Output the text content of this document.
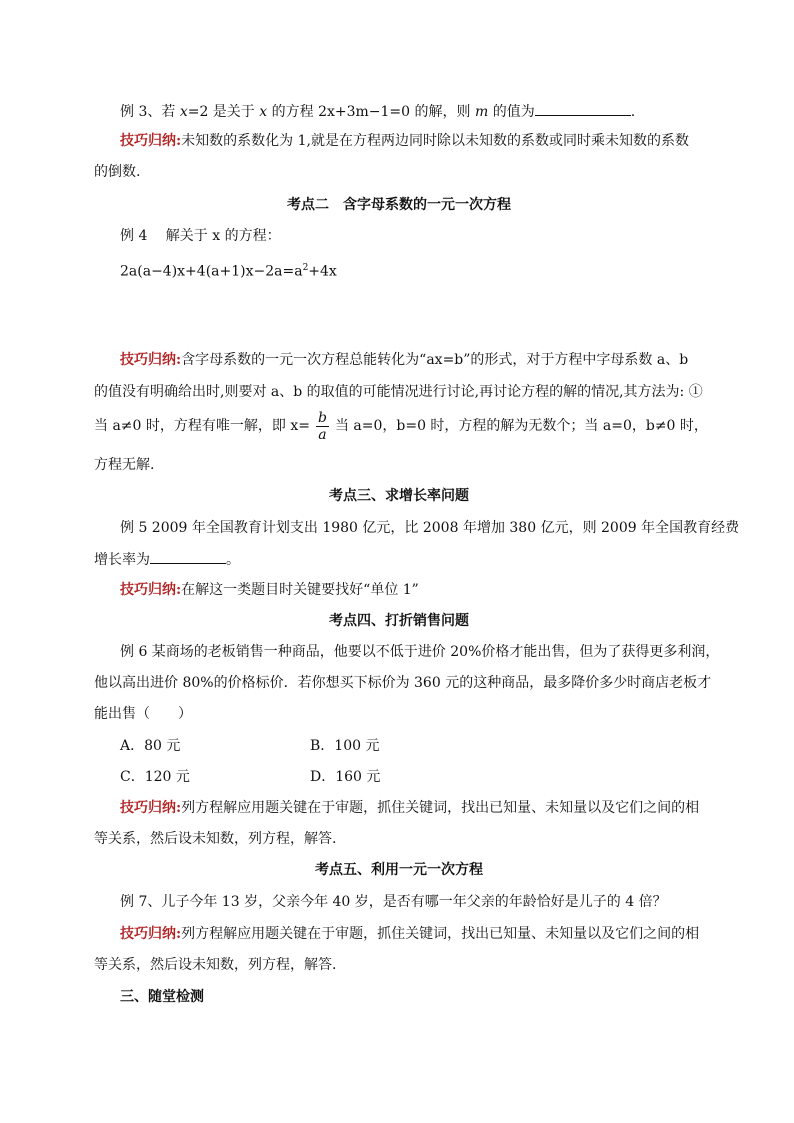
例 3、若 x=2 是关于 x 的方程 2x+3m−1=0 的解，则 m 的值为	.
技巧归纳:未知数的系数化为 1,就是在方程两边同时除以未知数的系数或同时乘未知数的系数
的倒数.
考点二　含字母系数的一元一次方程
例 4　 解关于 x 的方程：
$2a(a-4)x+4(a+1)x-2a=a^2+4x$
技巧归纳:含字母系数的一元一次方程总能转化为“ax=b”的形式，对于方程中字母系数 a、b
的值没有明确给出时,则要对 a、b 的取值的可能情况进行讨论,再讨论方程的解的情况,其方法为: ①
当 a≠0 时，方程有唯一解，即 $x= \frac{b}{a}$ 当 a=0，b=0 时，方程的解为无数个；当 a=0，b≠0 时，
方程无解.
考点三、求增长率问题
例 5 2009 年全国教育计划支出 1980 亿元，比 2008 年增加 380 亿元，则 2009 年全国教育经费
增长率为	。
技巧归纳:在解这一类题目时关键要找好“单位 1”
考点四、打折销售问题
例 6 某商场的老板销售一种商品，他要以不低于进价 20%价格才能出售，但为了获得更多利润，
他以高出进价 80%的价格标价．若你想买下标价为 360 元的这种商品，最多降价多少时商店老板才
能出售（　　）
A．80 元	B．100 元
C．120 元	D．160 元
技巧归纳:列方程解应用题关键在于审题，抓住关键词，找出已知量、未知量以及它们之间的相
等关系，然后设未知数，列方程，解答.
考点五、利用一元一次方程
例 7、儿子今年 13 岁，父亲今年 40 岁，是否有哪一年父亲的年龄恰好是儿子的 4 倍？
技巧归纳:列方程解应用题关键在于审题，抓住关键词，找出已知量、未知量以及它们之间的相
等关系，然后设未知数，列方程，解答.
三、随堂检测
